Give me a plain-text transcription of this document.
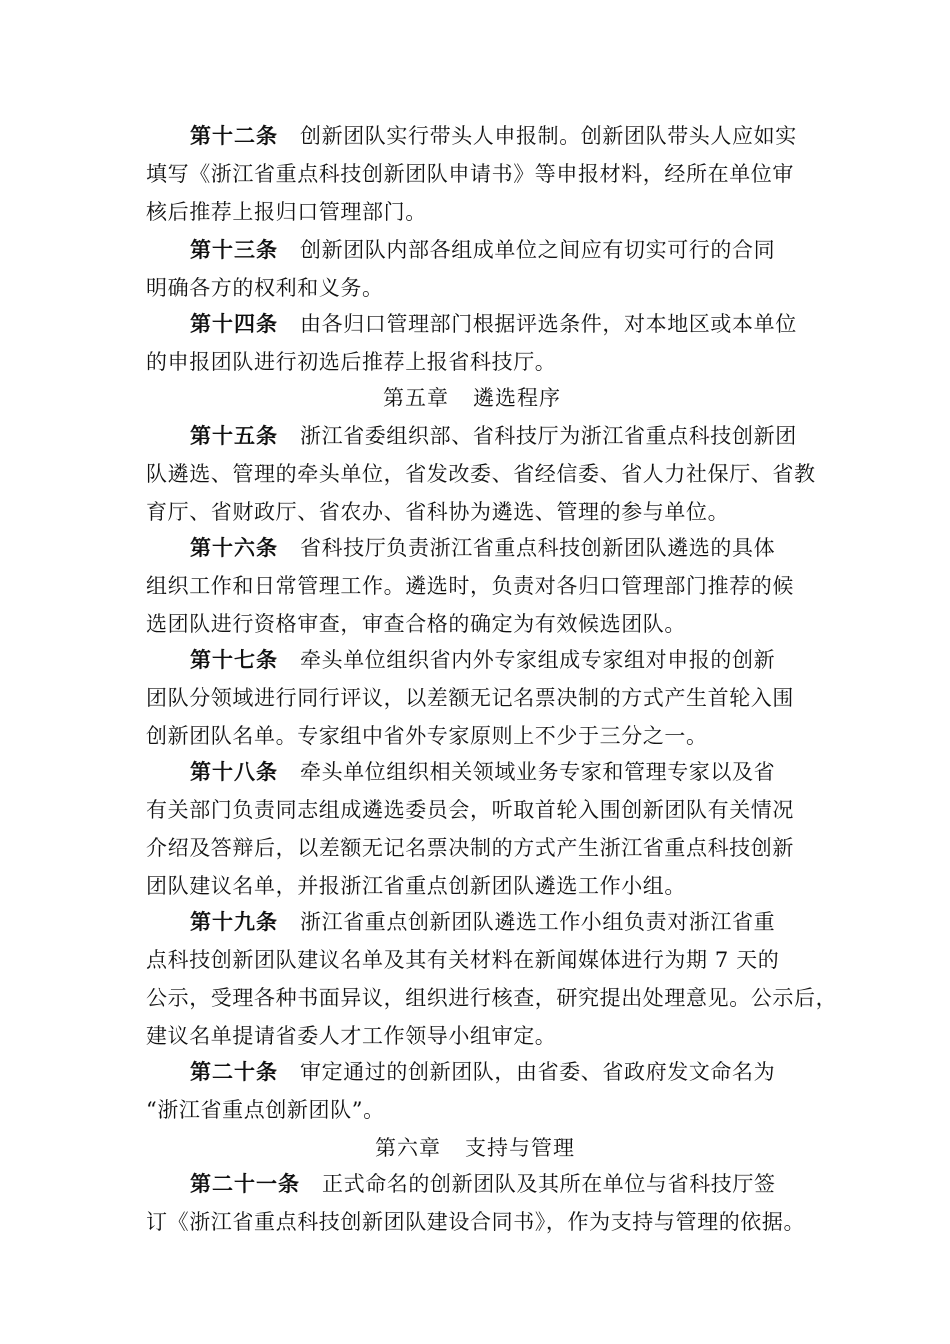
第十二条 创新团队实行带头人申报制。创新团队带头人应如实
填写《浙江省重点科技创新团队申请书》等申报材料，经所在单位审
核后推荐上报归口管理部门。
第十三条 创新团队内部各组成单位之间应有切实可行的合同
明确各方的权利和义务。
第十四条 由各归口管理部门根据评选条件，对本地区或本单位
的申报团队进行初选后推荐上报省科技厅。
第五章 遴选程序
第十五条 浙江省委组织部、省科技厅为浙江省重点科技创新团
队遴选、管理的牵头单位，省发改委、省经信委、省人力社保厅、省教
育厅、省财政厅、省农办、省科协为遴选、管理的参与单位。
第十六条 省科技厅负责浙江省重点科技创新团队遴选的具体
组织工作和日常管理工作。遴选时，负责对各归口管理部门推荐的候
选团队进行资格审查，审查合格的确定为有效候选团队。
第十七条 牵头单位组织省内外专家组成专家组对申报的创新
团队分领域进行同行评议，以差额无记名票决制的方式产生首轮入围
创新团队名单。专家组中省外专家原则上不少于三分之一。
第十八条 牵头单位组织相关领域业务专家和管理专家以及省
有关部门负责同志组成遴选委员会，听取首轮入围创新团队有关情况
介绍及答辩后，以差额无记名票决制的方式产生浙江省重点科技创新
团队建议名单，并报浙江省重点创新团队遴选工作小组。
第十九条 浙江省重点创新团队遴选工作小组负责对浙江省重
点科技创新团队建议名单及其有关材料在新闻媒体进行为期 7 天的
公示，受理各种书面异议，组织进行核查，研究提出处理意见。公示后，
建议名单提请省委人才工作领导小组审定。
第二十条 审定通过的创新团队，由省委、省政府发文命名为
“浙江省重点创新团队”。
第六章 支持与管理
第二十一条 正式命名的创新团队及其所在单位与省科技厅签
订《浙江省重点科技创新团队建设合同书》，作为支持与管理的依据。
